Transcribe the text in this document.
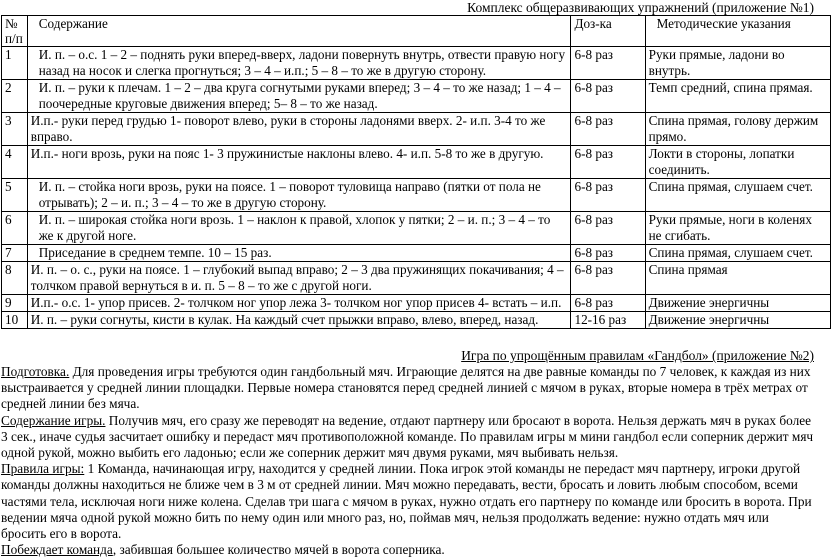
Комплекс общеразвивающих упражнений (приложение №1)
№ п/п	Содержание	Доз-ка	Методические указания
1	И. п. – о.с. 1 – 2 – поднять руки вперед-вверх, ладони повернуть внутрь, отвести правую ногу назад на носок и слегка прогнуться; 3 – 4 – и.п.; 5 – 8 – то же в другую сторону.	6-8 раз	Руки прямые, ладони во внутрь.
2	И. п. – руки к плечам. 1 – 2 – два круга согнутыми руками вперед; 3 – 4 – то же назад; 1 – 4 – поочередные круговые движения вперед; 5– 8 – то же назад.	6-8 раз	Темп средний, спина прямая.
3	И.п.- руки перед грудью 1- поворот влево, руки в стороны ладонями вверх. 2- и.п. 3-4 то же вправо.	6-8 раз	Спина прямая, голову держим прямо.
4	И.п.- ноги врозь, руки на пояс 1- 3 пружинистые наклоны влево. 4- и.п. 5-8 то же в другую.	6-8 раз	Локти в стороны, лопатки соединить.
5	И. п. – стойка ноги врозь, руки на поясе. 1 – поворот туловища направо (пятки от пола не отрывать); 2 – и. п.; 3 – 4 – то же в другую сторону.	6-8 раз	Спина прямая, слушаем счет.
6	И. п. – широкая стойка ноги врозь. 1 – наклон к правой, хлопок у пятки; 2 – и. п.; 3 – 4 – то же к другой ноге.	6-8 раз	Руки прямые, ноги в коленях не сгибать.
7	Приседание в среднем темпе. 10 – 15 раз.	6-8 раз	Спина прямая, слушаем счет.
8	И. п. – о. с., руки на поясе. 1 – глубокий выпад вправо; 2 – 3 два пружинящих покачивания; 4 – толчком правой вернуться в и. п. 5 – 8 – то же с другой ноги.	6-8 раз	Спина прямая
9	И.п.- о.с. 1- упор присев. 2- толчком ног упор лежа 3- толчком ног упор присев 4- встать – и.п.	6-8 раз	Движение энергичны
10	И. п. – руки согнуты, кисти в кулак. На каждый счет прыжки вправо, влево, вперед, назад.	12-16 раз	Движение энергичны
Игра по упрощённым правилам «Гандбол» (приложение №2)

Подготовка. Для проведения игры требуются один гандбольный мяч. Играющие делятся на две равные команды по 7 человек, к каждая из них выстраивается у средней линии площадки. Первые номера становятся перед средней линией с мячом в руках, вторые номера в трёх метрах от средней линии без мяча.

Содержание игры. Получив мяч, его сразу же переводят на ведение, отдают партнеру или бросают в ворота. Нельзя держать мяч в руках более 3 сек., иначе судья засчитает ошибку и передаст мяч противоположной команде. По правилам игры м мини гандбол если соперник держит мяч одной рукой, можно выбить его ладонью; если же соперник держит мяч двумя руками, мяч выбивать нельзя.

Правила игры: 1 Команда, начинающая игру, находится у средней линии. Пока игрок этой команды не передаст мяч партнеру, игроки другой команды должны находиться не ближе чем в 3 м от средней линии. Мяч можно передавать, вести, бросать и ловить любым способом, всеми частями тела, исключая ноги ниже колена. Сделав три шага с мячом в руках, нужно отдать его партнеру по команде или бросить в ворота. При ведении мяча одной рукой можно бить по нему один или много раз, но, поймав мяч, нельзя продолжать ведение: нужно отдать мяч или бросить его в ворота.

Побеждает команда, забившая большее количество мячей в ворота соперника.
